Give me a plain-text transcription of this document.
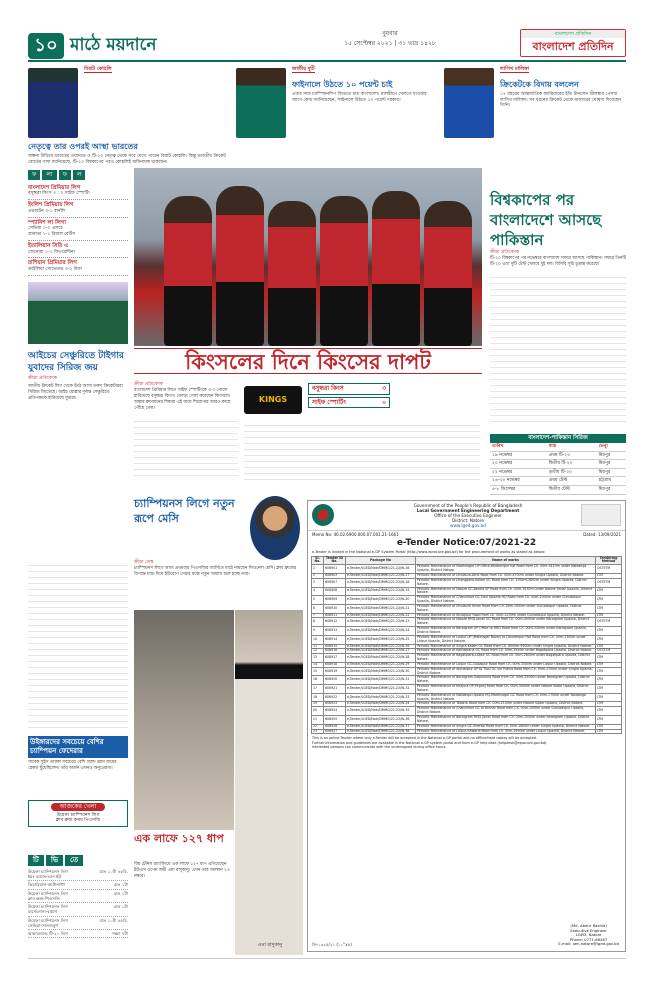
১০ মাঠে ময়দানে
বুধবার
১৫ সেপ্টেম্বর ২০২১ | ৩১ ভাদ্র ১৪২৮
বাংলাদেশ প্রতিদিন
বাংলাদেশ প্রতিদিন
বিরাট কোহলি
নেতৃত্বে তার ওপরই আস্থা ভারতের
জল্পনা উড়িয়ে ভারতের ওয়ানডে ও টি-২০ নেতৃত্ব থেকে সরে যেতে পারেন বিরাট কোহলি। কিন্তু ভারতীয় ক্রিকেট বোর্ডের সাফ জানিয়েছে, টি-২০ বিশ্বকাপের পরও কোহলিই অধিনায়ক থাকছেন।
জাতীয় দুটি
ফাইনালে উঠতে ১০ পয়েন্ট চাই
এবার সাফ চ্যাম্পিয়নশিপ জিততে চায় বাংলাদেশ। মালদ্বীপে খেলতে যাওয়ার আগে কোচ জানিয়েছেন, ফাইনালে উঠতে ১০ পয়েন্ট দরকার।
লাসিথ মালিঙ্গা
ক্রিকেটকে বিদায় বললেন
১৭ বছরের আন্তর্জাতিক ক্যারিয়ারের ইতি টানলেন শ্রীলঙ্কার পেসার লাসিথ মালিঙ্গা। সব ধরনের ক্রিকেট থেকে অবসরের ঘোষণা দিয়েছেন তিনি।
ফ লা ফ ল
বাংলাদেশ প্রিমিয়ার লিগ
বসুন্ধরা কিংস ৩ : ০ সাইফ স্পোর্টিং
ইংলিশ প্রিমিয়ার লিগ
এভারটন ৩-১ বার্নলি
স্প্যানিশ লা লিগা
সেভিয়া ০-০ এলচে
গ্রানাডা ১-১ রিয়াল বেটিস
ইতালিয়ান সিরি এ
জেনোয়া ১-১ ফিওরেন্টিনা
রাশিয়ান প্রিমিয়ার লিগ
ক্রাইলিয়া সোভেতভ ৩-২ উফা
আইচের সেঞ্চুরিতে টাইগার যুবাদের সিরিজ জয়
ক্রীড়া প্রতিবেদক
জাতীয় ক্রিকেট লিগ থেকে উঠে আসা তরুণ ক্রিকেটাররা সিরিজ জিতেছে। আইচ মোল্লার দুর্দান্ত সেঞ্চুরিতে প্রতিপক্ষকে হারিয়েছে যুবারা।
উইঙ্গারদের সবচেয়ে বেশির চ্যাম্পিয়ন ফেদেরার
সাবেক সুইস তারকা সবচেয়ে বেশি গ্র্যান্ড স্ল্যাম জয়ের রেকর্ড ছুঁয়েছিলেন। তাঁর অর্জন এখনও অনুপ্রেরণা।
আজকের খেলা
উয়েফা চ্যাম্পিয়নস লিগ
ক্লাব ব্রুজ বনাম পিএসজি
টি ভি তে
উয়েফা চ্যাম্পিয়নস লিগ
ইয়ং বয়েজ-ম্যান ইউ
রাত ১০টা ৪৫মি.
ভিয়ারিয়াল-আটালান্টা	রাত ১টা
উয়েফা চ্যাম্পিয়নস লিগ
ক্লাব ব্রুজ-পিএসজি
রাত ১টা
উয়েফা চ্যাম্পিয়নস লিগ
বার্সেলোনা-বায়ার্ন
রাত ১টা
উয়েফা চ্যাম্পিয়নস লিগ
সেভিয়া-সালজবুর্গ
রাত ১০টা ৪৫মি.
আয়ারল্যান্ড টি-২০ লিগ	সন্ধ্যা ৭টা
বিশ্বকাপের পর বাংলাদেশে আসছে পাকিস্তান
ক্রীড়া প্রতিবেদক
টি-২০ বিশ্বকাপের পর নভেম্বরে বাংলাদেশ সফরে আসছে পাকিস্তান। সফরে তিনটি টি-২০ এবং দুটি টেস্ট খেলবে দুই দল। বিসিবি সূচি চূড়ান্ত করেছে।
কিংসলের দিনে কিংসের দাপট
ক্রীড়া প্রতিবেদক
বাংলাদেশ প্রিমিয়ার লিগে সাইফ স্পোর্টিংকে ৩-০ গোলে হারিয়েছে বসুন্ধরা কিংস। জোড়া গোল করেছেন কিংসলে। অস্কার ব্রুজোনের শিষ্যরা এই জয়ে শিরোপার আরও কাছে পৌঁছে গেল।
KINGS
বসুন্ধরা কিংস	৩
সাইফ স্পোর্টিং	০
বাংলাদেশ-পাকিস্তান সিরিজ
তারিখ	ম্যাচ	ভেন্যু
১৯ নভেম্বর	প্রথম টি-২০	মিরপুর
২০ নভেম্বর	দ্বিতীয় টি-২০	মিরপুর
২২ নভেম্বর	তৃতীয় টি-২০	মিরপুর
২৬-৩০ নভেম্বর	প্রথম টেস্ট	চট্টগ্রাম
৪-৮ ডিসেম্বর	দ্বিতীয় টেস্ট	মিরপুর
চ্যাম্পিয়নস লিগে নতুন রূপে মেসি
ক্রীড়া ডেস্ক
চ্যাম্পিয়নস লিগে আজ প্রথমবার পিএসজির জার্সিতে মাঠে নামছেন লিওনেল মেসি। ক্লাব ব্রুজের বিপক্ষে ম্যাচ দিয়ে ইউরোপ সেরার মঞ্চে নতুন অধ্যায় শুরু হচ্ছে তার।
এক লাফে ১২৭ ধাপ
বিশ্ব টেনিস র‍্যাংকিংয়ে এক লাফে ১২৭ ধাপ এগিয়েছেন ইউএস ওপেন জয়ী এমা রাদুকানু। এখন তার অবস্থান ২৩ নম্বরে।
এমা রাদুকানু
Government of the People's Republic of Bangladesh
Local Government Engineering Department
Office of the Executive Engineer
District: Natore
www.lged.gov.bd
Memo No: 46.02.6900.000.07.001.21-1661	Dated: 13/09/2021
e-Tender Notice:07/2021-22
e-Tender is invited in the National e-GP System Portal (http://www.eprocure.gov.bd) for the procurement of works as stated as below:
Sl. No.	Tender ID No.	Package No	Name of works	Tendering Method
1	608901	e-Tender/LGED/Natr/DMMG/21-22/W-16	Periodic Maintenance of Madhnagar UP Office-Bhabanipur hat Road from Ch. 00m-3410m under Naldanga Upazila, District Natore.	OSTETM
2	608903	e-Tender/LGED/Natr/DMMG/21-22/W-17	Periodic Maintenance of Dhulaura-Atrai Road from Ch. 00m-4700m under Singra Upazila, District Natore.	LTM
3	608907	e-Tender/LGED/Natr/DMMG/21-22/W-18	Periodic Maintenance of Dhongpara-Kalam GC Road from Ch. 1392m-3892m under Singra Upazila, District Natore.	OSTETM
4	608908	e-Tender/LGED/Natr/DMMG/21-22/W-19	Periodic Maintenance of Natore GC-Beraid UP Road from Ch. 00m-3530m under Natore Sadar Upazila, District Natore.	LTM
5	608909	e-Tender/LGED/Natr/DMMG/21-22/W-20	Periodic Maintenance of Chanchkoir GC-Tiosi Upazila HQ Road from Ch. 00m-2000m under Gurudaspur Upazila, District Natore.	LTM
6	608910	e-Tender/LGED/Natr/DMMG/21-22/W-21	Periodic Maintenance of Dhulaura Union Road from Ch. 00m-2500m under Gurudaspur Upazila, District Natore.	LTM
7	608911	e-Tender/LGED/Natr/DMMG/21-22/W-22	Periodic Maintenance of Khubjipur Road from Ch. 00m-2250m under Gurudaspur Upazila, District Natore.	LTM
8	608912	e-Tender/LGED/Natr/DMMG/21-22/W-23	Periodic Maintenance of Natore RHD-Jonail GC Road from Ch. 00m-4000m under Baraigram Upazila, District Natore.	OSTETM
9	608913	e-Tender/LGED/Natr/DMMG/21-22/W-24	Periodic Maintenance of Baraigram UP Office to RHD Road from Ch. 00m-3300m under Baraigram Upazila, District Natore.	LTM
10	608914	e-Tender/LGED/Natr/DMMG/21-22/W-25	Periodic Maintenance of Lalpur UP (Matinagar Bazar) to Daurampur Hat Road from Ch. 00m-3100m under Lalpur Upazila, District Natore.	LTM
11	608915	e-Tender/LGED/Natr/DMMG/21-22/W-26	Periodic Maintenance of Singra-Kalam GC Road from Ch. 6000m-9500m under Singra Upazila, District Natore.	LTM
12	608916	e-Tender/LGED/Natr/DMMG/21-22/W-27	Periodic Maintenance of Kathalbaria GC Road from Ch. 00m-3550m under Bagatipara Upazila, District Natore.	OSTETM
13	608917	e-Tender/LGED/Natr/DMMG/21-22/W-28	Periodic Maintenance of Bagatipara-Lalpur GC Road from Ch. 00m-2600m under Bagatipara Upazila, District Natore.	LTM
14	608918	e-Tender/LGED/Natr/DMMG/21-22/W-29	Periodic Maintenance of Lalpur GC-Gopalpur Road from Ch. 00m-3300m under Lalpur Upazila, District Natore.	LTM
15	608919	e-Tender/LGED/Natr/DMMG/21-22/W-30	Periodic Maintenance of Ahmedpur UP to Tiosi GC via Puthia Road from Ch. 00m-2700m under Singra Upazila, District Natore.	LTM
16	608920	e-Tender/LGED/Natr/DMMG/21-22/W-31	Periodic Maintenance of Boraigram-Satpukuria Road from Ch. 00m-2500m under Boraigram Upazila, District Natore.	LTM
17	608921	e-Tender/LGED/Natr/DMMG/21-22/W-32	Periodic Maintenance of Khajura UP-Pirgonj Road from Ch. 00m-3400m under Natore Sadar Upazila, District Natore.	LTM
18	608922	e-Tender/LGED/Natr/DMMG/21-22/W-33	Periodic Maintenance of Naldanga Upazila HQ-Madhnagar GC Road from Ch. 00m-1700m under Naldanga Upazila, District Natore.	LTM
19	608923	e-Tender/LGED/Natr/DMMG/21-22/W-34	Periodic Maintenance of Tebaria Road from Ch. 00m-2100m under Natore Sadar Upazila, District Natore.	LTM
20	608924	e-Tender/LGED/Natr/DMMG/21-22/W-35	Periodic Maintenance of Chanchkoir GC to Bilshar Road from Ch. 00m-1500m under Gurudaspur Upazila, District Natore.	LTM
21	608925	e-Tender/LGED/Natr/DMMG/21-22/W-36	Periodic Maintenance of Baraigram RHD-Jonail Road from Ch. 00m-2000m under Baraigram Upazila, District Natore.	LTM
22	608926	e-Tender/LGED/Natr/DMMG/21-22/W-37	Periodic Maintenance of Singra GC-Sherkol Road from Ch. 00m-1800m under Singra Upazila, District Natore.	LTM
23	608927	e-Tender/LGED/Natr/DMMG/21-22/W-38	Periodic Maintenance of Lalpur-Ishwardi Road from Ch. 00m-2900m under Lalpur Upazila, District Natore.	LTM
This is an online Tender where only e-Tender will be accepted in the National e-GP portal and no offline/hard copies will be accepted.
Further information and guidelines are available in the National e-GP system portal and from e-GP help desk (helpdesk@eprocure.gov.bd).
Interested persons can communicate with the undersigned during office hours.
জি-১৩২৫/২১ (১০''x৪)
(Md. Abdur Rashid)
Executive Engineer
LGED, Natore
Phone: 0771-66467
E-mail: xen.natore@lged.gov.bd
